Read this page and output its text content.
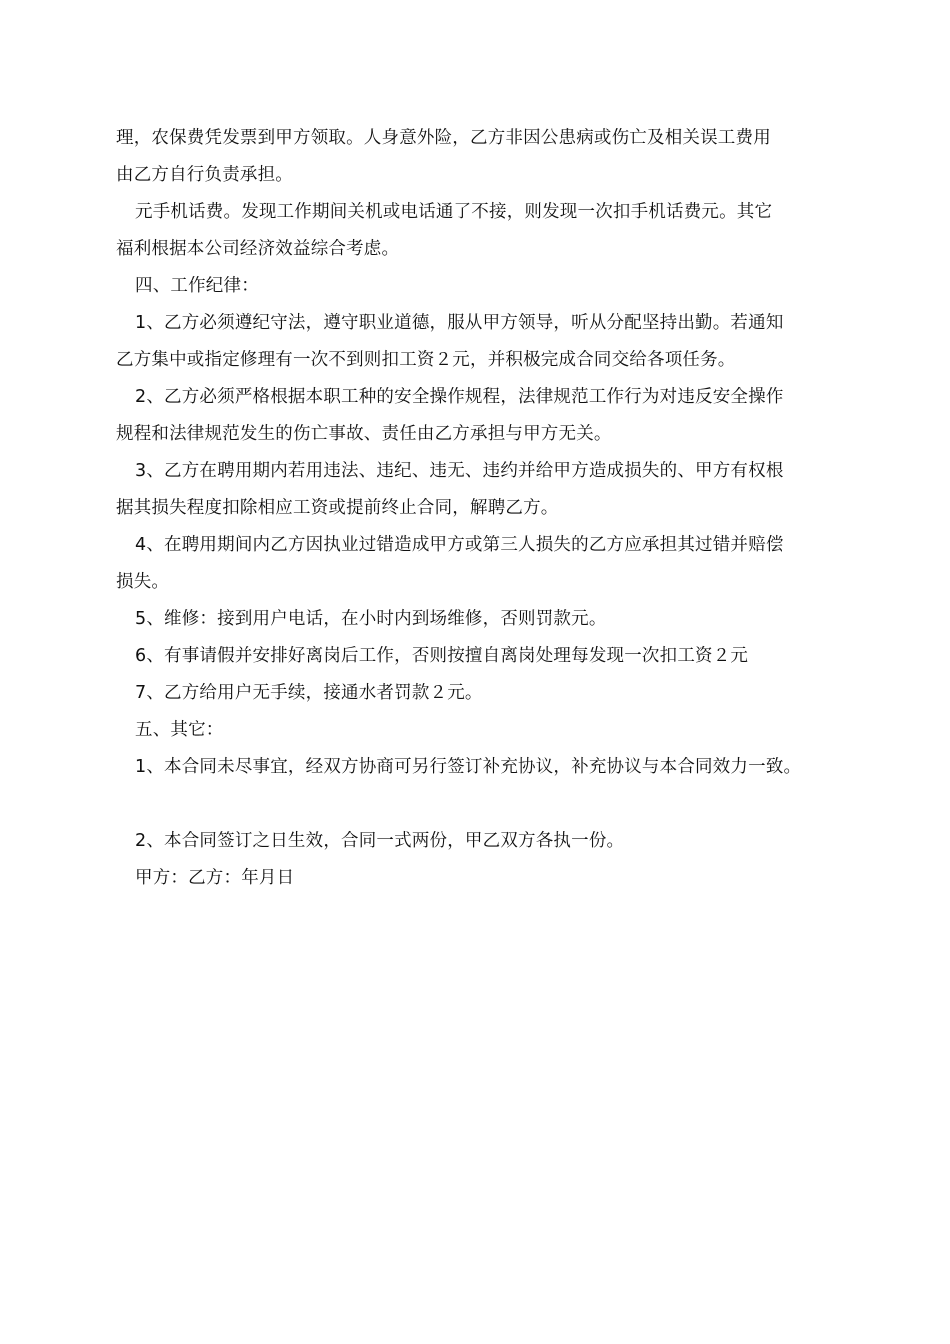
理，农保费凭发票到甲方领取。人身意外险，乙方非因公患病或伤亡及相关误工费用
由乙方自行负责承担。
元手机话费。发现工作期间关机或电话通了不接，则发现一次扣手机话费元。其它
福利根据本公司经济效益综合考虑。
四、工作纪律：
1、乙方必须遵纪守法，遵守职业道德，服从甲方领导，听从分配坚持出勤。若通知
乙方集中或指定修理有一次不到则扣工资２元，并积极完成合同交给各项任务。
2、乙方必须严格根据本职工种的安全操作规程，法律规范工作行为对违反安全操作
规程和法律规范发生的伤亡事故、责任由乙方承担与甲方无关。
3、乙方在聘用期内若用违法、违纪、违无、违约并给甲方造成损失的、甲方有权根
据其损失程度扣除相应工资或提前终止合同，解聘乙方。
4、在聘用期间内乙方因执业过错造成甲方或第三人损失的乙方应承担其过错并赔偿
损失。
5、维修：接到用户电话，在小时内到场维修，否则罚款元。
6、有事请假并安排好离岗后工作，否则按擅自离岗处理每发现一次扣工资２元
7、乙方给用户无手续，接通水者罚款２元。
五、其它：
1、本合同未尽事宜，经双方协商可另行签订补充协议，补充协议与本合同效力一致。
2、本合同签订之日生效，合同一式两份，甲乙双方各执一份。
甲方：乙方：年月日
